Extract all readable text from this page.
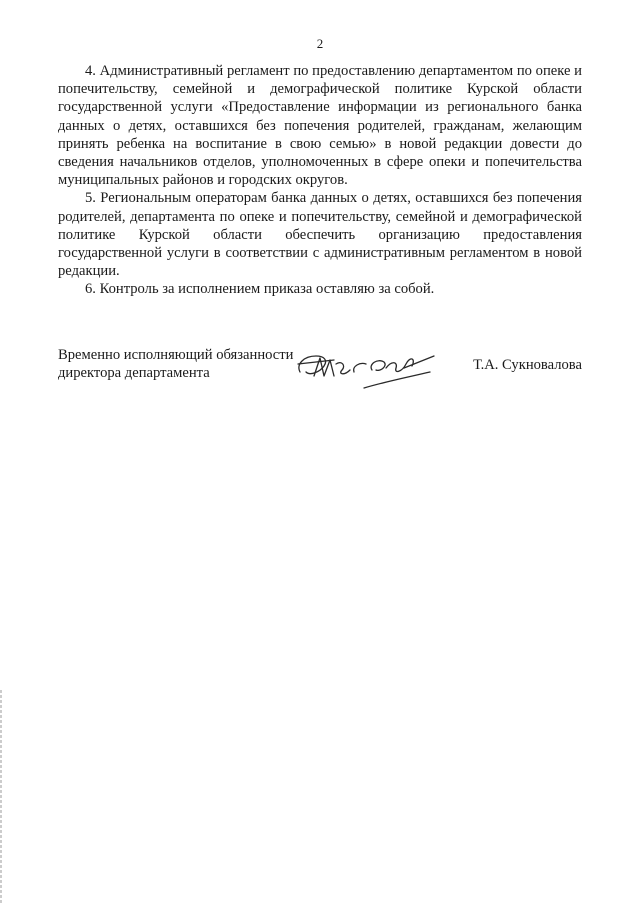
2

4. Административный регламент по предоставлению департаментом по опеке и попечительству, семейной и демографической политике Курской области государственной услуги «Предоставление информации из регионального банка данных о детях, оставшихся без попечения родителей, гражданам, желающим принять ребенка на воспитание в свою семью» в новой редакции довести до сведения начальников отделов, уполномоченных в сфере опеки и попечительства муниципальных районов и городских округов.

5. Региональным операторам банка данных о детях, оставшихся без попечения родителей, департамента по опеке и попечительству, семейной и демографической политике Курской области обеспечить организацию предоставления государственной услуги в соответствии с административным регламентом в новой редакции.

6. Контроль за исполнением приказа оставляю за собой.

Временно исполняющий обязанности
директора департамента
Т.А. Сукновалова
